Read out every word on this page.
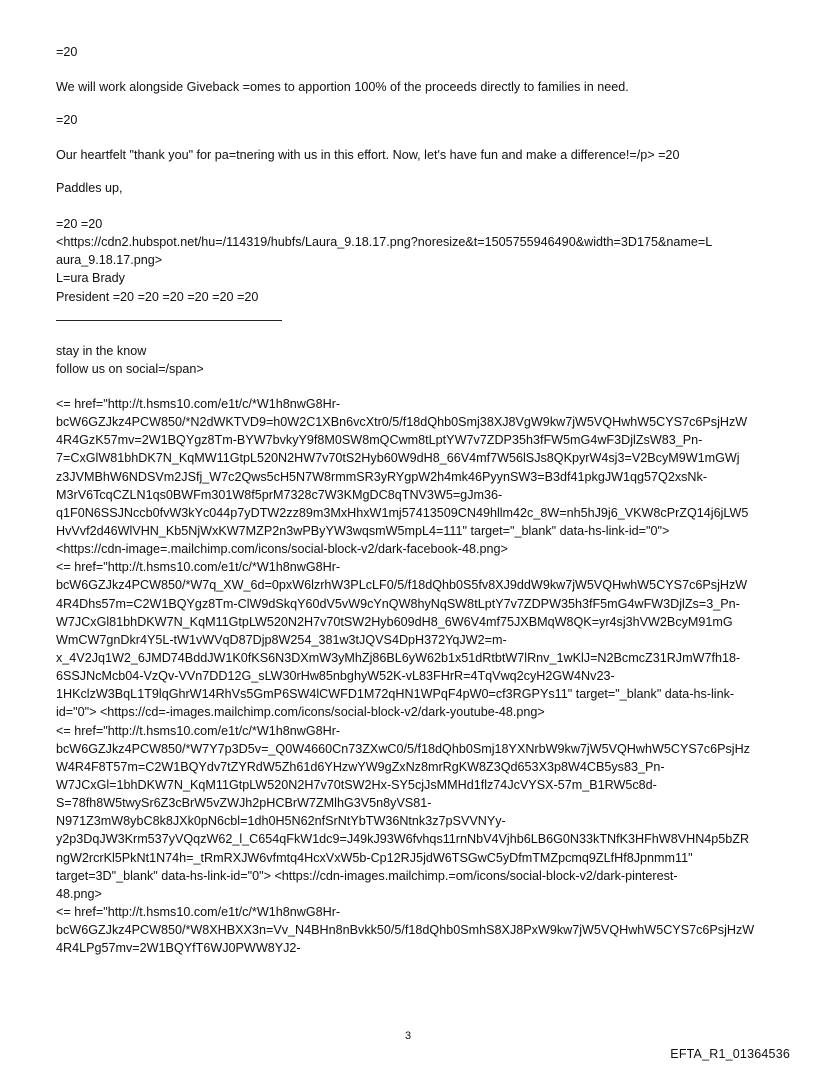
=20
We will work alongside Giveback =omes to apportion 100% of the proceeds directly to families in need.
=20
Our heartfelt "thank you" for pa=tnering with us in this effort. Now, let's have fun and make a difference!=/p> =20
Paddles up,
=20 =20
<https://cdn2.hubspot.net/hu=/114319/hubfs/Laura_9.18.17.png?noresize&t=1505755946490&width=3D175&name=L
aura_9.18.17.png>
L=ura Brady
President =20 =20 =20 =20 =20 =20
stay in the know
follow us on social=/span>
<= href="http://t.hsms10.com/e1t/c/*W1h8nwG8Hr-
bcW6GZJkz4PCW850/*N2dWKTVD9=h0W2C1XBn6vcXtr0/5/f18dQhb0Smj38XJ8VgW9kw7jW5VQHwhW5CYS7c6PsjHzW
4R4GzK57mv=2W1BQYgz8Tm-BYW7bvkyY9f8M0SW8mQCwm8tLptYW7v7ZDP35h3fFW5mG4wF3DjlZsW83_Pn-
7=CxGlW81bhDK7N_KqMW11GtpL520N2HW7v70tS2Hyb60W9dH8_66V4mf7W56lSJs8QKpyrW4sj3=V2BcyM9W1mGWj
z3JVMBhW6NDSVm2JSfj_W7c2Qws5cH5N7W8rmmSR3yRYgpW2h4mk46PyynSW3=B3df41pkgJW1qg57Q2xsNk-
M3rV6TcqCZLN1qs0BWFm301W8f5prM7328c7W3KMgDC8qTNV3W5=gJm36-
q1F0N6SSJNccb0fvW3kYc044p7yDTW2zz89m3MxHhxW1mj57413509CN49hllm42c_8W=nh5hJ9j6_VKW8cPrZQ14j6jLW5
HvVvf2d46WlVHN_Kb5NjWxKW7MZP2n3wPByYW3wqsmW5mpL4=111" target="_blank" data-hs-link-id="0">
<https://cdn-image=.mailchimp.com/icons/social-block-v2/dark-facebook-48.png>
<= href="http://t.hsms10.com/e1t/c/*W1h8nwG8Hr-
bcW6GZJkz4PCW850/*W7q_XW_6d=0pxW6lzrhW3PLcLF0/5/f18dQhb0S5fv8XJ9ddW9kw7jW5VQHwhW5CYS7c6PsjHzW
4R4Dhs57m=C2W1BQYgz8Tm-ClW9dSkqY60dV5vW9cYnQW8hyNqSW8tLptY7v7ZDPW35h3fF5mG4wFW3DjlZs=3_Pn-
W7JCxGl81bhDKW7N_KqM11GtpLW520N2H7v70tSW2Hyb609dH8_6W6V4mf75JXBMqW8QK=yr4sj3hVW2BcyM91mG
WmCW7gnDkr4Y5L-tW1vWVqD87Djp8W254_381w3tJQVS4DpH372YqJW2=m-
x_4V2Jq1W2_6JMD74BddJW1K0fKS6N3DXmW3yMhZj86BL6yW62b1x51dRtbtW7lRnv_1wKlJ=N2BcmcZ31RJmW7fh18-
6SSJNcMcb04-VzQv-VVn7DD12G_sLW30rHw85nbghyW52K-vL83FHrR=4TqVwq2cyH2GW4Nv23-
1HKclzW3BqL1T9lqGhrW14RhVs5GmP6SW4lCWFD1M72qHN1WPqF4pW0=cf3RGPYs11" target="_blank" data-hs-link-
id="0"> <https://cd=-images.mailchimp.com/icons/social-block-v2/dark-youtube-48.png>
<= href="http://t.hsms10.com/e1t/c/*W1h8nwG8Hr-
bcW6GZJkz4PCW850/*W7Y7p3D5v=_Q0W4660Cn73ZXwC0/5/f18dQhb0Smj18YXNrbW9kw7jW5VQHwhW5CYS7c6PsjHz
W4R4F8T57m=C2W1BQYdv7tZYRdW5Zh61d6YHzwYW9gZxNz8mrRgKW8Z3Qd653X3p8W4CB5ys83_Pn-
W7JCxGl=1bhDKW7N_KqM11GtpLW520N2H7v70tSW2Hx-SY5cjJsMMHd1flz74JcVYSX-57m_B1RW5c8d-
S=78fh8W5twySr6Z3cBrW5vZWJh2pHCBrW7ZMlhG3V5n8yVS81-
N971Z3mW8ybC8k8JXk0pN6cbl=1dh0H5N62nfSrNtYbTW36Ntnk3z7pSVVNYy-
y2p3DqJW3Krm537yVQqzW62_l_C654qFkW1dc9=J49kJ93W6fvhqs11rnNbV4Vjhb6LB6G0N33kTNfK3HFhW8VHN4p5bZR
ngW2rcrKl5PkNt1N74h=_tRmRXJW6vfmtq4HcxVxW5b-Cp12RJ5jdW6TSGwC5yDfmTMZpcmq9ZLfHf8Jpnmm11"
target=3D"_blank" data-hs-link-id="0"> <https://cdn-images.mailchimp.=om/icons/social-block-v2/dark-pinterest-
48.png>
<= href="http://t.hsms10.com/e1t/c/*W1h8nwG8Hr-
bcW6GZJkz4PCW850/*W8XHBXX3n=Vv_N4BHn8nBvkk50/5/f18dQhb0SmhS8XJ8PxW9kw7jW5VQHwhW5CYS7c6PsjHzW
4R4LPg57mv=2W1BQYfT6WJ0PWW8YJ2-
3
EFTA_R1_01364536
